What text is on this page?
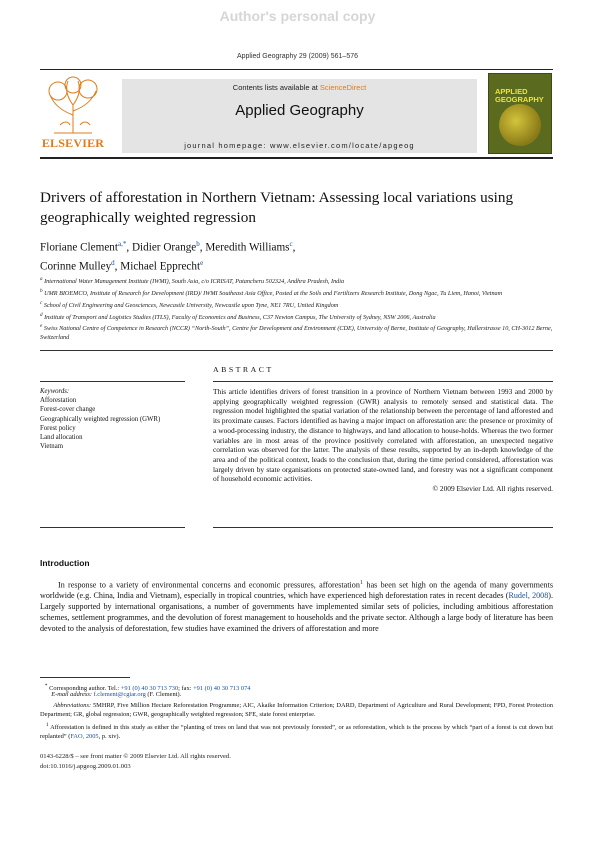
Author's personal copy
Applied Geography 29 (2009) 561–576
ELSEVIER
Contents lists available at ScienceDirect
Applied Geography
journal homepage: www.elsevier.com/locate/apgeog
APPLIED
GEOGRAPHY
Drivers of afforestation in Northern Vietnam: Assessing local variations using geographically weighted regression
Floriane Clement$^{a,*}$, Didier Orange$^b$, Meredith Williams$^c$,
Corinne Mulley$^d$, Michael Epprecht$^e$
$^a$ International Water Management Institute (IWMI), South Asia, c/o ICRISAT, Patancheru 502324, Andhra Pradesh, India
$^b$ UMR BIOEMCO, Institute of Research for Development (IRD)/ IWMI Southeast Asia Office, Posted at the Soils and Fertilizers Research Institute, Dong Ngac, Tu Liem, Hanoi, Vietnam
$^c$ School of Civil Engineering and Geosciences, Newcastle University, Newcastle upon Tyne, NE1 7RU, United Kingdom
$^d$ Institute of Transport and Logistics Studies (ITLS), Faculty of Economics and Business, C37 Newton Campus, The University of Sydney, NSW 2006, Australia
$^e$ Swiss National Centre of Competence in Research (NCCR) “North-South”, Centre for Development and Environment (CDE), University of Berne, Institute of Geography, Hallerstrasse 10, CH-3012 Berne, Switzerland
Keywords:
Afforestation
Forest-cover change
Geographically weighted regression (GWR)
Forest policy
Land allocation
Vietnam
ABSTRACT
This article identifies drivers of forest transition in a province of Northern Vietnam between 1993 and 2000 by applying geographically weighted regression (GWR) analysis to remotely sensed and statistical data. The regression model highlighted the spatial variation of the relationship between the percentage of land afforested and its proximate causes. Factors identified as having a major impact on afforestation are: the presence or proximity of a wood-processing industry, the distance to highways, and land allocation to house-holds. Whereas the two former variables are in most areas of the province positively correlated with afforestation, an unexpected negative correlation was observed for the latter. The analysis of these results, supported by an in-depth knowledge of the area and of the political context, leads to the conclusion that, during the time period considered, afforestation was largely driven by state organisations on protected state-owned land, and forestry was not a significant component of household economic activities.
© 2009 Elsevier Ltd. All rights reserved.
Introduction
In response to a variety of environmental concerns and economic pressures, afforestation$^1$ has been set high on the agenda of many governments worldwide (e.g. China, India and Vietnam), especially in tropical countries, which have experienced high deforestation rates in recent decades (Rudel, 2008). Largely supported by international organisations, a number of governments have implemented similar sets of policies, including ambitious afforestation schemes, settlement programmes, and the devolution of forest management to households and the private sector. Although a large body of literature has been devoted to the analysis of deforestation, few studies have examined the drivers of afforestation and more
* Corresponding author. Tel.: +91 (0) 40 30 713 730; fax: +91 (0) 40 30 713 074
E-mail address: f.clement@cgiar.org (F. Clement).
Abbreviations: 5MHRP, Five Million Hectare Reforestation Programme; AIC, Akaike Information Criterion; DARD, Department of Agriculture and Rural Development; FPD, Forest Protection Department; GR, global regression; GWR, geographically weighted regression; SFE, state forest enterprise.
$^1$ Afforestation is defined in this study as either the “planting of trees on land that was not previously forested”, or as reforestation, which is the process by which “part of a forest is cut down but replanted” (FAO, 2005, p. xiv).
0143-6228/$ – see front matter © 2009 Elsevier Ltd. All rights reserved.
doi:10.1016/j.apgeog.2009.01.003
